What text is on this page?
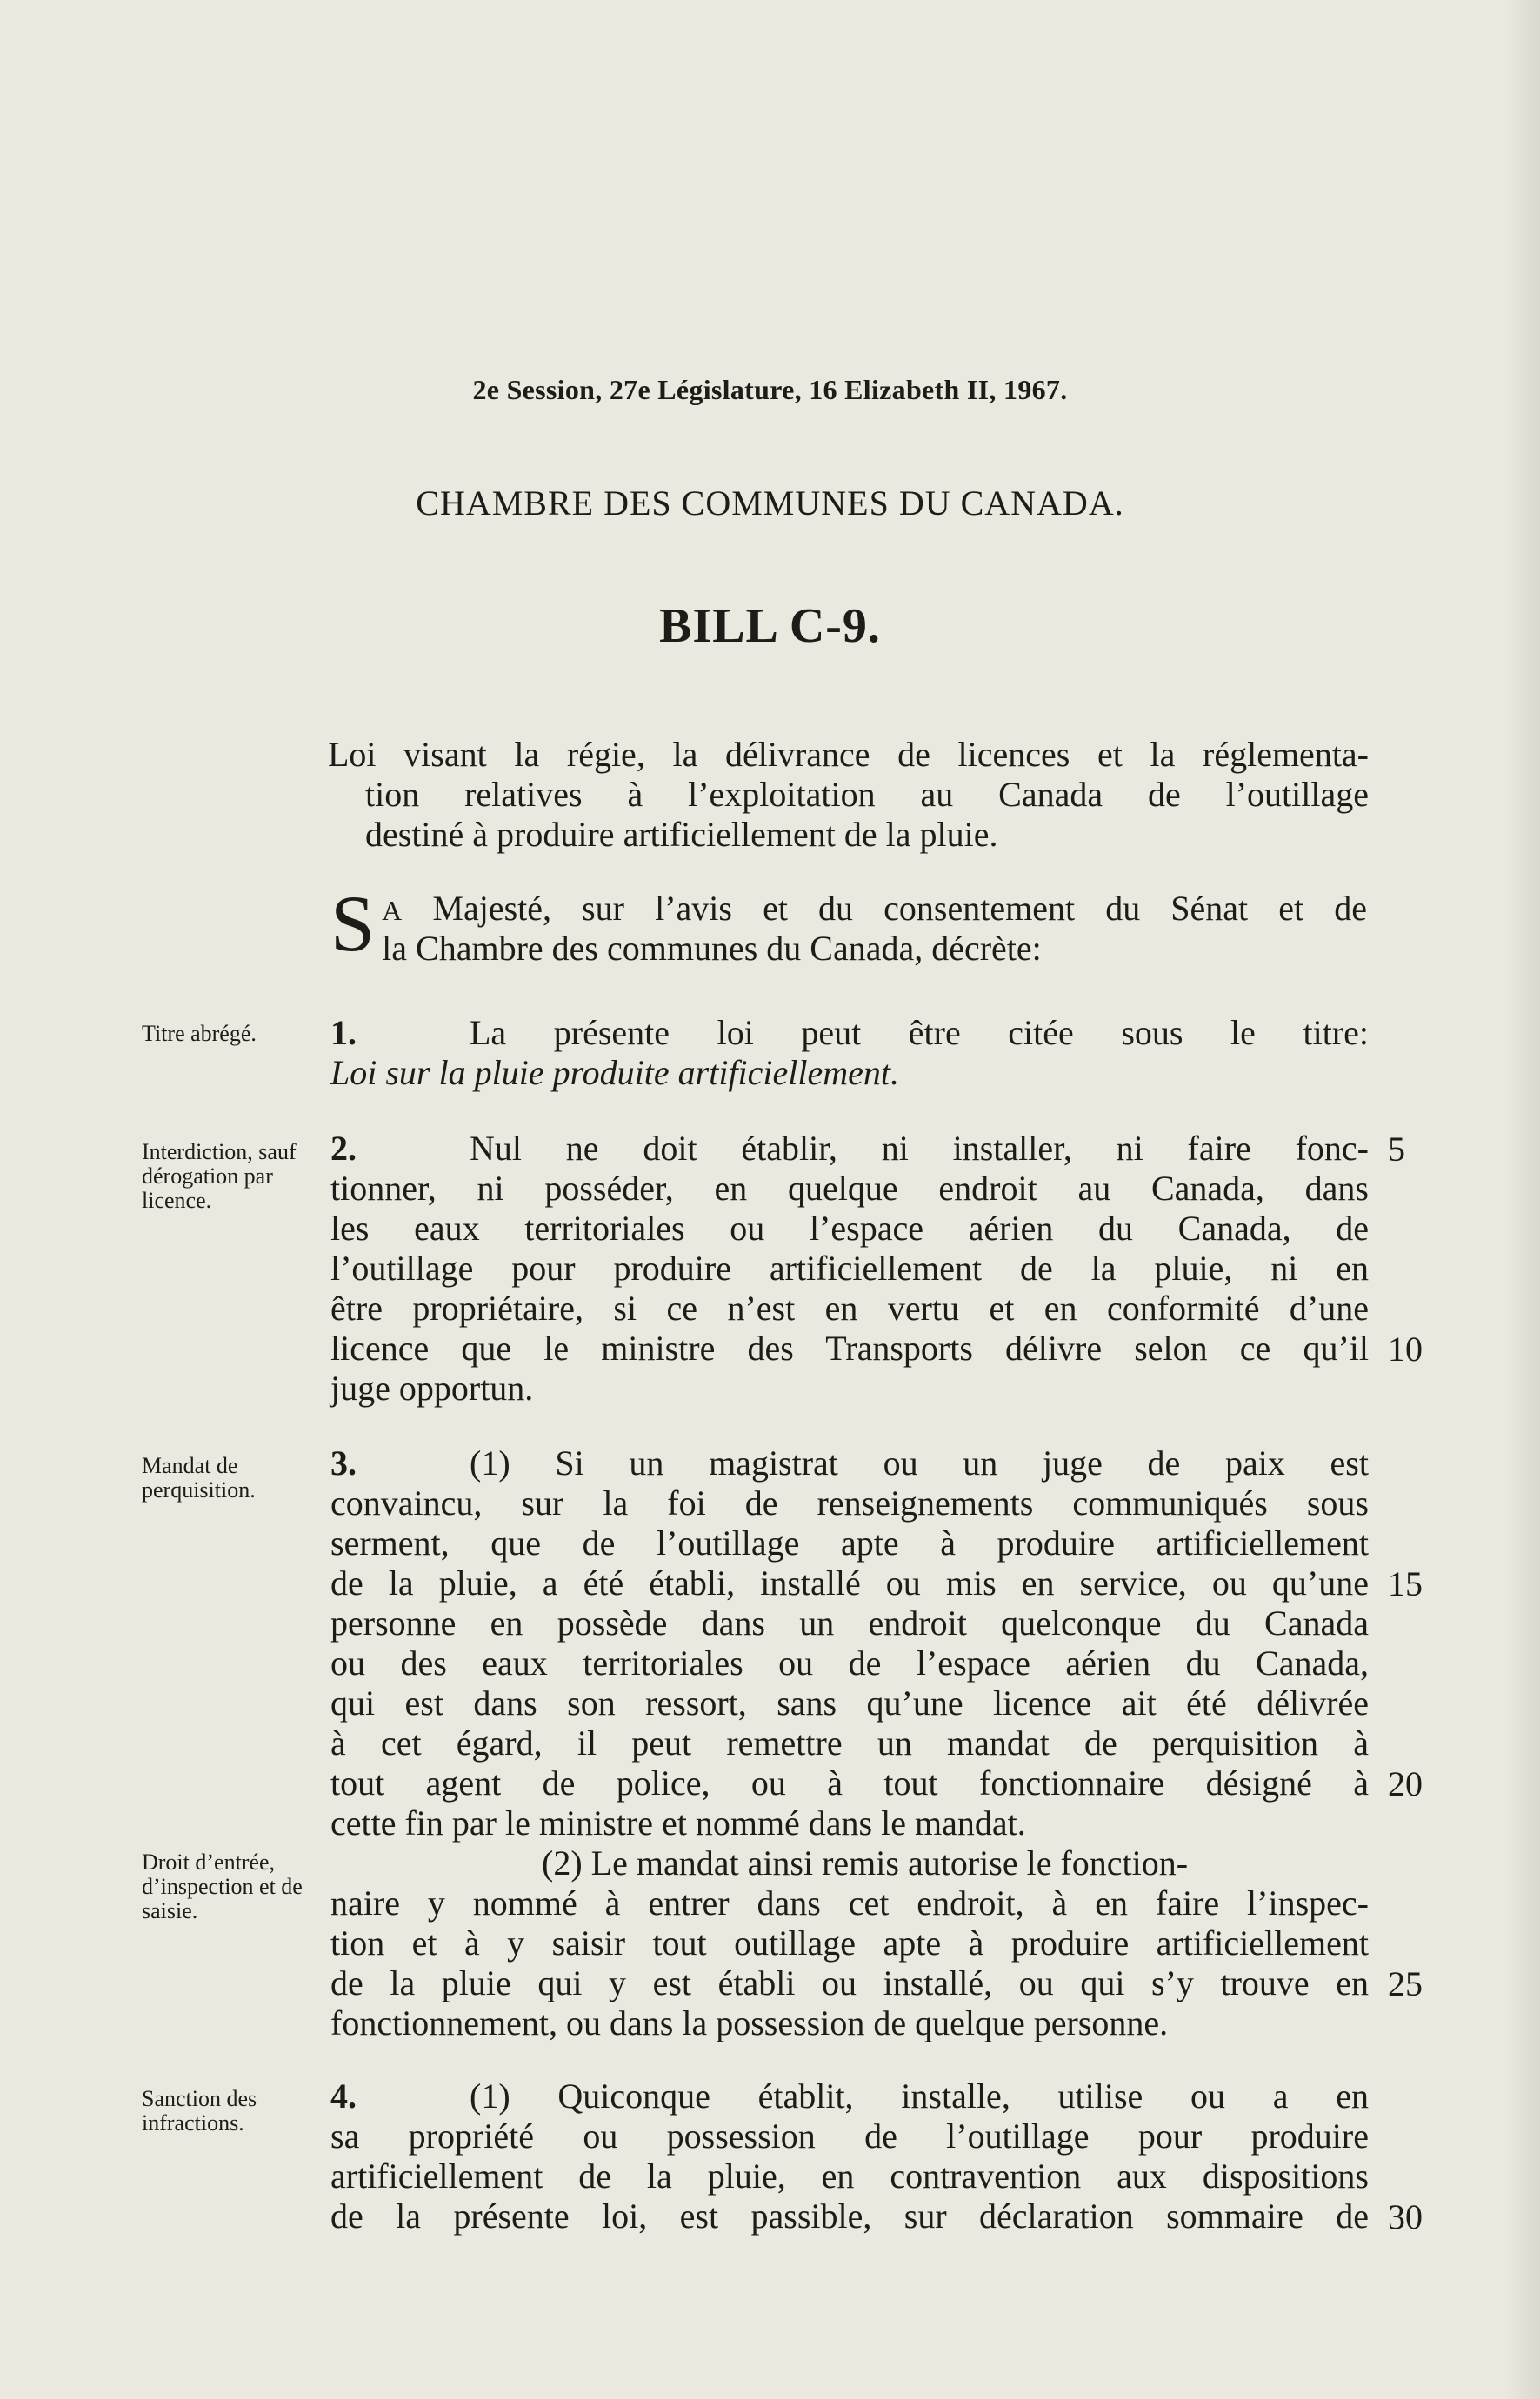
2e Session, 27e Législature, 16 Elizabeth II, 1967.
CHAMBRE DES COMMUNES DU CANADA.
BILL C-9.
Loi visant la régie, la délivrance de licences et la réglementa-
tion relatives à l’exploitation au Canada de l’outillage
destiné à produire artificiellement de la pluie.
S A Majesté, sur l’avis et du consentement du Sénat et de
la Chambre des communes du Canada, décrète:
Titre abrégé.	1.	La présente loi peut être citée sous le titre:
Loi sur la pluie produite artificiellement.
Interdiction, sauf dérogation par licence.
2.	Nul ne doit établir, ni installer, ni faire fonc-
tionner, ni posséder, en quelque endroit au Canada, dans
les eaux territoriales ou l’espace aérien du Canada, de
l’outillage pour produire artificiellement de la pluie, ni en
être propriétaire, si ce n’est en vertu et en conformité d’une
licence que le ministre des Transports délivre selon ce qu’il
juge opportun.
Mandat de perquisition.
3.	(1) Si un magistrat ou un juge de paix est
convaincu, sur la foi de renseignements communiqués sous
serment, que de l’outillage apte à produire artificiellement
de la pluie, a été établi, installé ou mis en service, ou qu’une
personne en possède dans un endroit quelconque du Canada
ou des eaux territoriales ou de l’espace aérien du Canada,
qui est dans son ressort, sans qu’une licence ait été délivrée
à cet égard, il peut remettre un mandat de perquisition à
tout agent de police, ou à tout fonctionnaire désigné à
cette fin par le ministre et nommé dans le mandat.
Droit d’entrée, d’inspection et de saisie.
(2) Le mandat ainsi remis autorise le fonction-
naire y nommé à entrer dans cet endroit, à en faire l’inspec-
tion et à y saisir tout outillage apte à produire artificiellement
de la pluie qui y est établi ou installé, ou qui s’y trouve en
fonctionnement, ou dans la possession de quelque personne.
Sanction des infractions.
4.	(1) Quiconque établit, installe, utilise ou a en
sa propriété ou possession de l’outillage pour produire
artificiellement de la pluie, en contravention aux dispositions
de la présente loi, est passible, sur déclaration sommaire de
5
10
15
20
25
30
